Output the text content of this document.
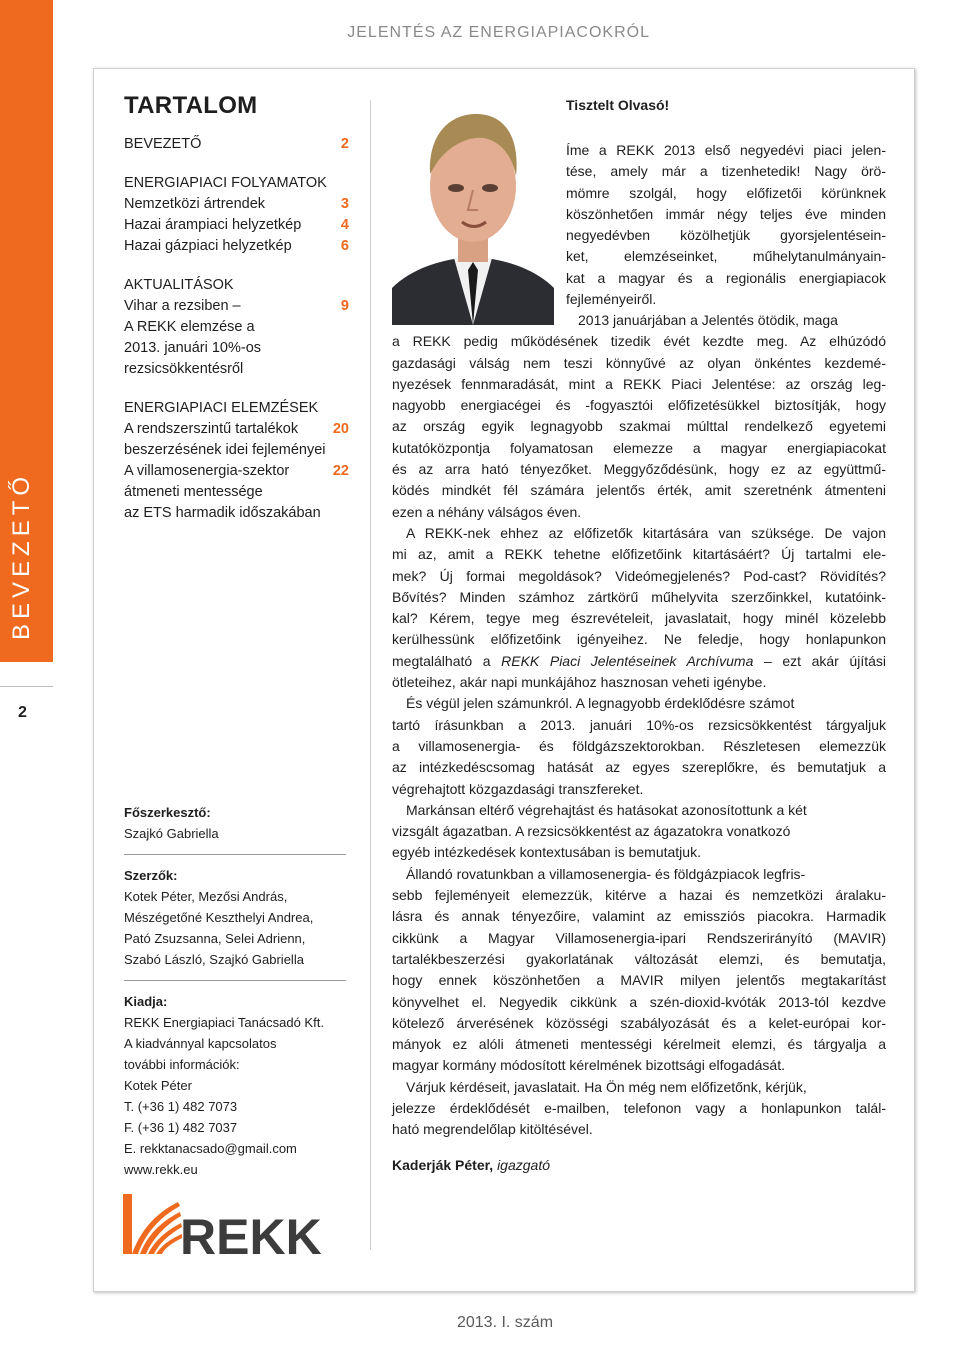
JELENTÉS AZ ENERGIAPIACOKRÓL
BEVEZETŐ
2
TARTALOM
BEVEZETŐ	2
ENERGIAPIACI FOLYAMATOK
Nemzetközi ártrendek	3
Hazai árampiaci helyzetkép	4
Hazai gázpiaci helyzetkép	6
AKTUALITÁSOK
Vihar a rezsiben –	9
A REKK elemzése a
2013. januári 10%-os
rezsicsökkentésről
ENERGIAPIACI ELEMZÉSEK
A rendszerszintű tartalékok	20
beszerzésének idei fejleményei
A villamosenergia-szektor	22
átmeneti mentessége
az ETS harmadik időszakában
Főszerkesztő:
Szajkó Gabriella
Szerzők:
Kotek Péter, Mezősi András,
Mészégetőné Keszthelyi Andrea,
Pató Zsuzsanna, Selei Adrienn,
Szabó László, Szajkó Gabriella
Kiadja:
REKK Energiapiaci Tanácsadó Kft.
A kiadvánnyal kapcsolatos
további információk:
Kotek Péter
T. (+36 1) 482 7073
F. (+36 1) 482 7037
E. rekktanacsado@gmail.com
www.rekk.eu
REKK
Tisztelt Olvasó!

Íme a REKK 2013 első negyedévi piaci jelen-
tése, amely már a tizenhetedik! Nagy örö-
mömre szolgál, hogy előfizetői körünknek
köszönhetően immár négy teljes éve minden
negyedévben közölhetjük gyorsjelentésein-
ket, elemzéseinket, műhelytanulmányain-
kat a magyar és a regionális energiapiacok
fejleményeiről.

2013 januárjában a Jelentés ötödik, maga
a REKK pedig működésének tizedik évét kezdte meg. Az elhúzódó
gazdasági válság nem teszi könnyűvé az olyan önkéntes kezdemé-
nyezések fennmaradását, mint a REKK Piaci Jelentése: az ország leg-
nagyobb energiacégei és -fogyasztói előfizetésükkel biztosítják, hogy
az ország egyik legnagyobb szakmai múlttal rendelkező egyetemi
kutatóközpontja folyamatosan elemezze a magyar energiapiacokat
és az arra ható tényezőket. Meggyőződésünk, hogy ez az együttmű-
ködés mindkét fél számára jelentős érték, amit szeretnénk átmenteni
ezen a néhány válságos éven.

A REKK-nek ehhez az előfizetők kitartására van szüksége. De vajon
mi az, amit a REKK tehetne előfizetőink kitartásáért? Új tartalmi ele-
mek? Új formai megoldások? Videómegjelenés? Pod-cast? Rövidítés?
Bővítés? Minden számhoz zártkörű műhelyvita szerzőinkkel, kutatóink-
kal? Kérem, tegye meg észrevételeit, javaslatait, hogy minél közelebb
kerülhessünk előfizetőink igényeihez. Ne feledje, hogy honlapunkon
megtalálható a REKK Piaci Jelentéseinek Archívuma – ezt akár újítási
ötleteihez, akár napi munkájához hasznosan veheti igénybe.

És végül jelen számunkról. A legnagyobb érdeklődésre számot
tartó írásunkban a 2013. januári 10%-os rezsicsökkentést tárgyaljuk
a villamosenergia- és földgázszektorokban. Részletesen elemezzük
az intézkedéscsomag hatását az egyes szereplőkre, és bemutatjuk a
végrehajtott közgazdasági transzfereket.

Markánsan eltérő végrehajtást és hatásokat azonosítottunk a két
vizsgált ágazatban. A rezsicsökkentést az ágazatokra vonatkozó
egyéb intézkedések kontextusában is bemutatjuk.

Állandó rovatunkban a villamosenergia- és földgázpiacok legfris-
sebb fejleményeit elemezzük, kitérve a hazai és nemzetközi áralaku-
lásra és annak tényezőire, valamint az emissziós piacokra. Harmadik
cikkünk a Magyar Villamosenergia-ipari Rendszerirányító (MAVIR)
tartalékbeszerzési gyakorlatának változását elemzi, és bemutatja,
hogy ennek köszönhetően a MAVIR milyen jelentős megtakarítást
könyvelhet el. Negyedik cikkünk a szén-dioxid-kvóták 2013-tól kezdve
kötelező árverésének közösségi szabályozását és a kelet-európai kor-
mányok ez alóli átmeneti mentességi kérelmeit elemzi, és tárgyalja a
magyar kormány módosított kérelmének bizottsági elfogadását.

Várjuk kérdéseit, javaslatait. Ha Ön még nem előfizetőnk, kérjük,
jelezze érdeklődését e-mailben, telefonon vagy a honlapunkon talál-
ható megrendelőlap kitöltésével.

Kaderják Péter, igazgató
2013. I. szám
